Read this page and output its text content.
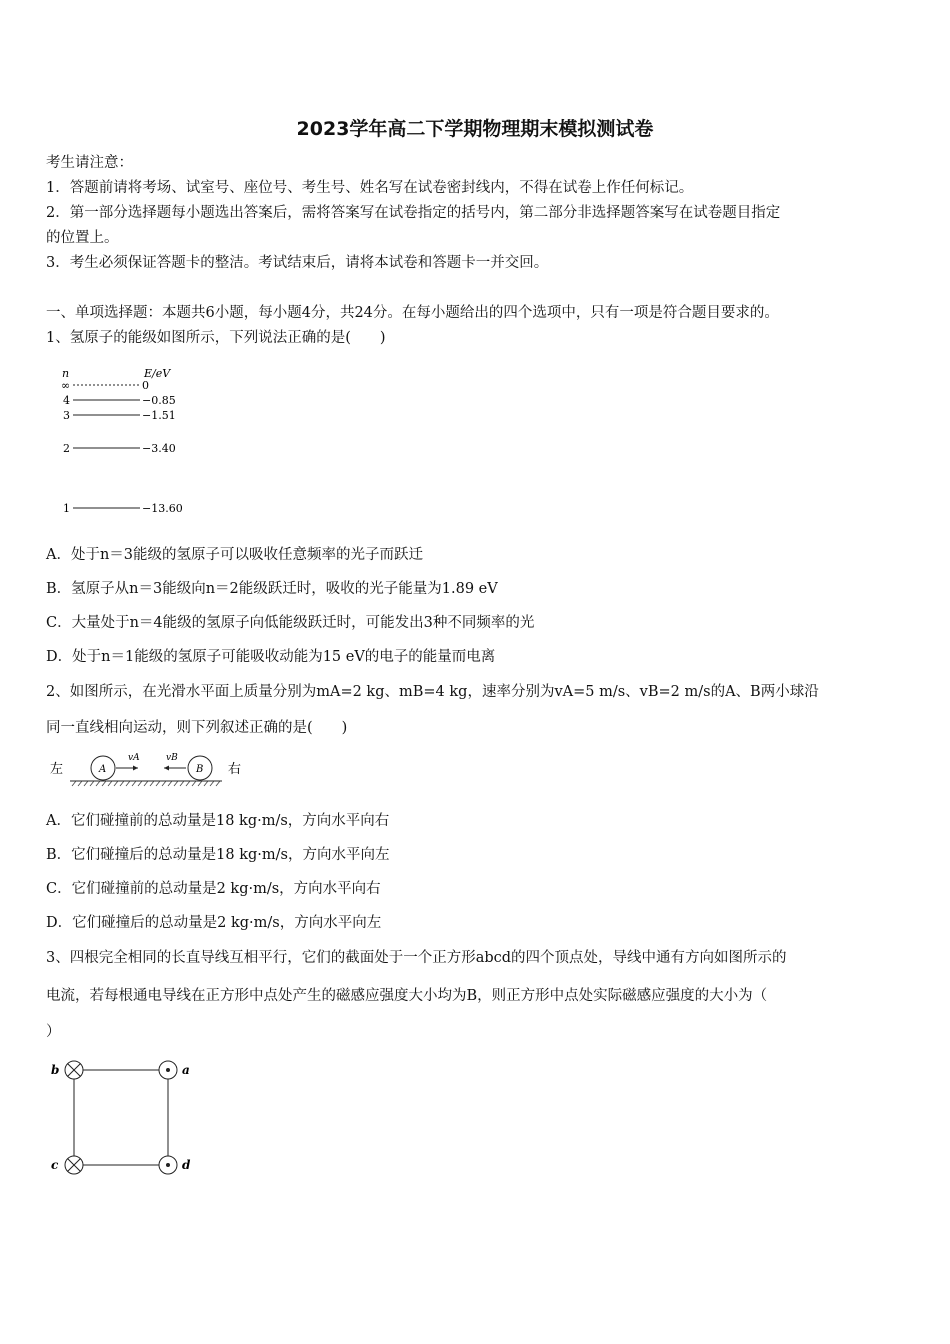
2023学年高二下学期物理期末模拟测试卷
考生请注意：
1．答题前请将考场、试室号、座位号、考生号、姓名写在试卷密封线内，不得在试卷上作任何标记。
2．第一部分选择题每小题选出答案后，需将答案写在试卷指定的括号内，第二部分非选择题答案写在试卷题目指定
的位置上。
3．考生必须保证答题卡的整洁。考试结束后，请将本试卷和答题卡一并交回。
一、单项选择题：本题共6小题，每小题4分，共24分。在每小题给出的四个选项中，只有一项是符合题目要求的。
1、氢原子的能级如图所示，下列说法正确的是(　　)
n	E/eV
∞	0
4	−0.85
3	−1.51
2	−3.40
1	−13.60
A．处于n＝3能级的氢原子可以吸收任意频率的光子而跃迁
B．氢原子从n＝3能级向n＝2能级跃迁时，吸收的光子能量为1.89 eV
C．大量处于n＝4能级的氢原子向低能级跃迁时，可能发出3种不同频率的光
D．处于n＝1能级的氢原子可能吸收动能为15 eV的电子的能量而电离
2、如图所示，在光滑水平面上质量分别为mA=2 kg、mB=4 kg，速率分别为vA=5 m/s、vB=2 m/s的A、B两小球沿
同一直线相向运动，则下列叙述正确的是(　　)
左	右
A	B
vA	vB
A．它们碰撞前的总动量是18 kg·m/s，方向水平向右
B．它们碰撞后的总动量是18 kg·m/s，方向水平向左
C．它们碰撞前的总动量是2 kg·m/s，方向水平向右
D．它们碰撞后的总动量是2 kg·m/s，方向水平向左
3、四根完全相同的长直导线互相平行，它们的截面处于一个正方形abcd的四个顶点处，导线中通有方向如图所示的
电流，若每根通电导线在正方形中点处产生的磁感应强度大小均为B，则正方形中点处实际磁感应强度的大小为（
）
b	a
c	d
